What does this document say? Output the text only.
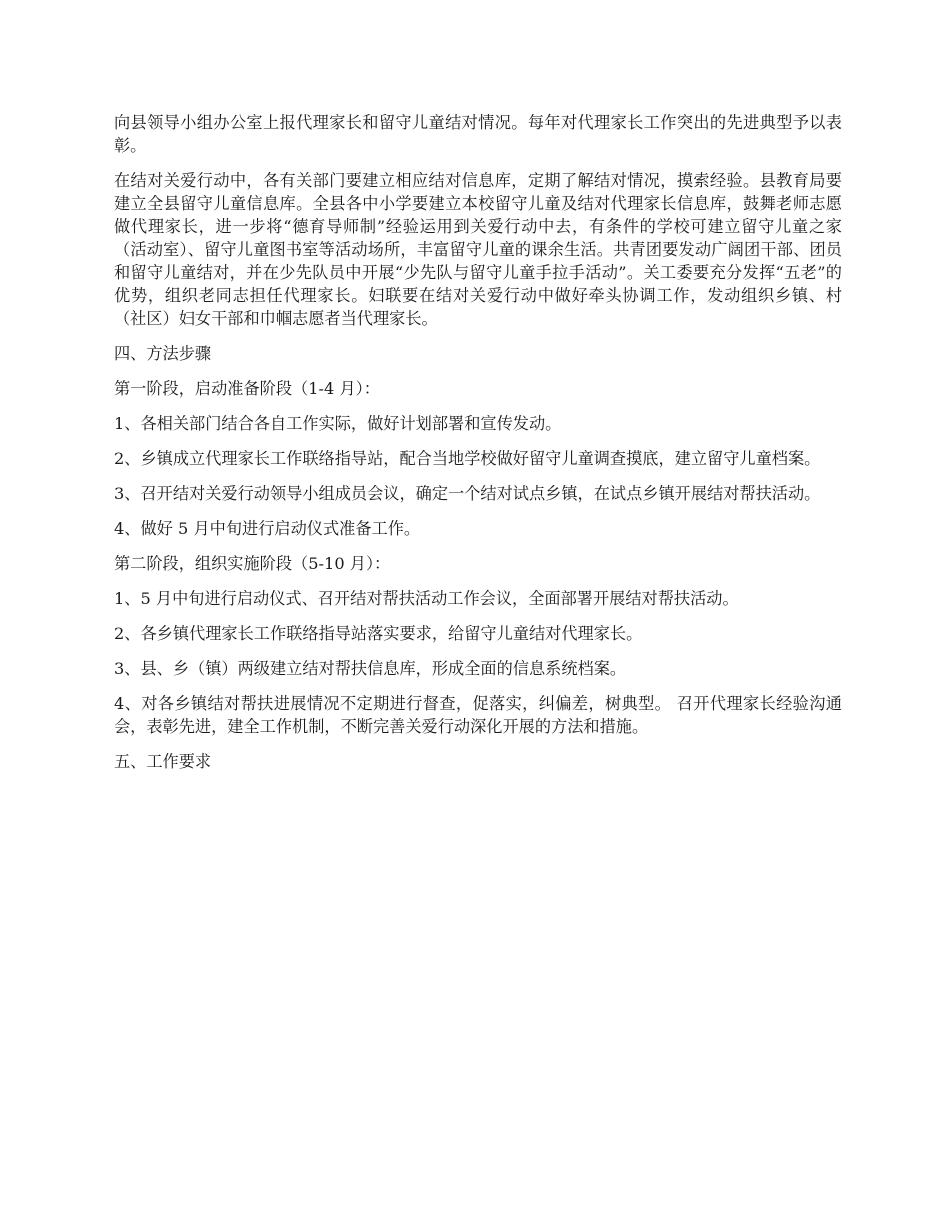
向县领导小组办公室上报代理家长和留守儿童结对情况。每年对代理家长工作突出的先进典型予以表彰。

在结对关爱行动中，各有关部门要建立相应结对信息库，定期了解结对情况，摸索经验。县教育局要建立全县留守儿童信息库。全县各中小学要建立本校留守儿童及结对代理家长信息库，鼓舞老师志愿做代理家长，进一步将“德育导师制”经验运用到关爱行动中去，有条件的学校可建立留守儿童之家（活动室）、留守儿童图书室等活动场所，丰富留守儿童的课余生活。共青团要发动广阔团干部、团员和留守儿童结对，并在少先队员中开展“少先队与留守儿童手拉手活动”。关工委要充分发挥“五老”的优势，组织老同志担任代理家长。妇联要在结对关爱行动中做好牵头协调工作，发动组织乡镇、村（社区）妇女干部和巾帼志愿者当代理家长。

四、方法步骤

第一阶段，启动准备阶段（1-4 月）：

1、各相关部门结合各自工作实际，做好计划部署和宣传发动。

2、乡镇成立代理家长工作联络指导站，配合当地学校做好留守儿童调查摸底，建立留守儿童档案。

3、召开结对关爱行动领导小组成员会议，确定一个结对试点乡镇，在试点乡镇开展结对帮扶活动。

4、做好 5 月中旬进行启动仪式准备工作。

第二阶段，组织实施阶段（5-10 月）：

1、5 月中旬进行启动仪式、召开结对帮扶活动工作会议，全面部署开展结对帮扶活动。

2、各乡镇代理家长工作联络指导站落实要求，给留守儿童结对代理家长。

3、县、乡（镇）两级建立结对帮扶信息库，形成全面的信息系统档案。

4、对各乡镇结对帮扶进展情况不定期进行督查，促落实，纠偏差，树典型。 召开代理家长经验沟通会，表彰先进，建全工作机制，不断完善关爱行动深化开展的方法和措施。

五、工作要求
